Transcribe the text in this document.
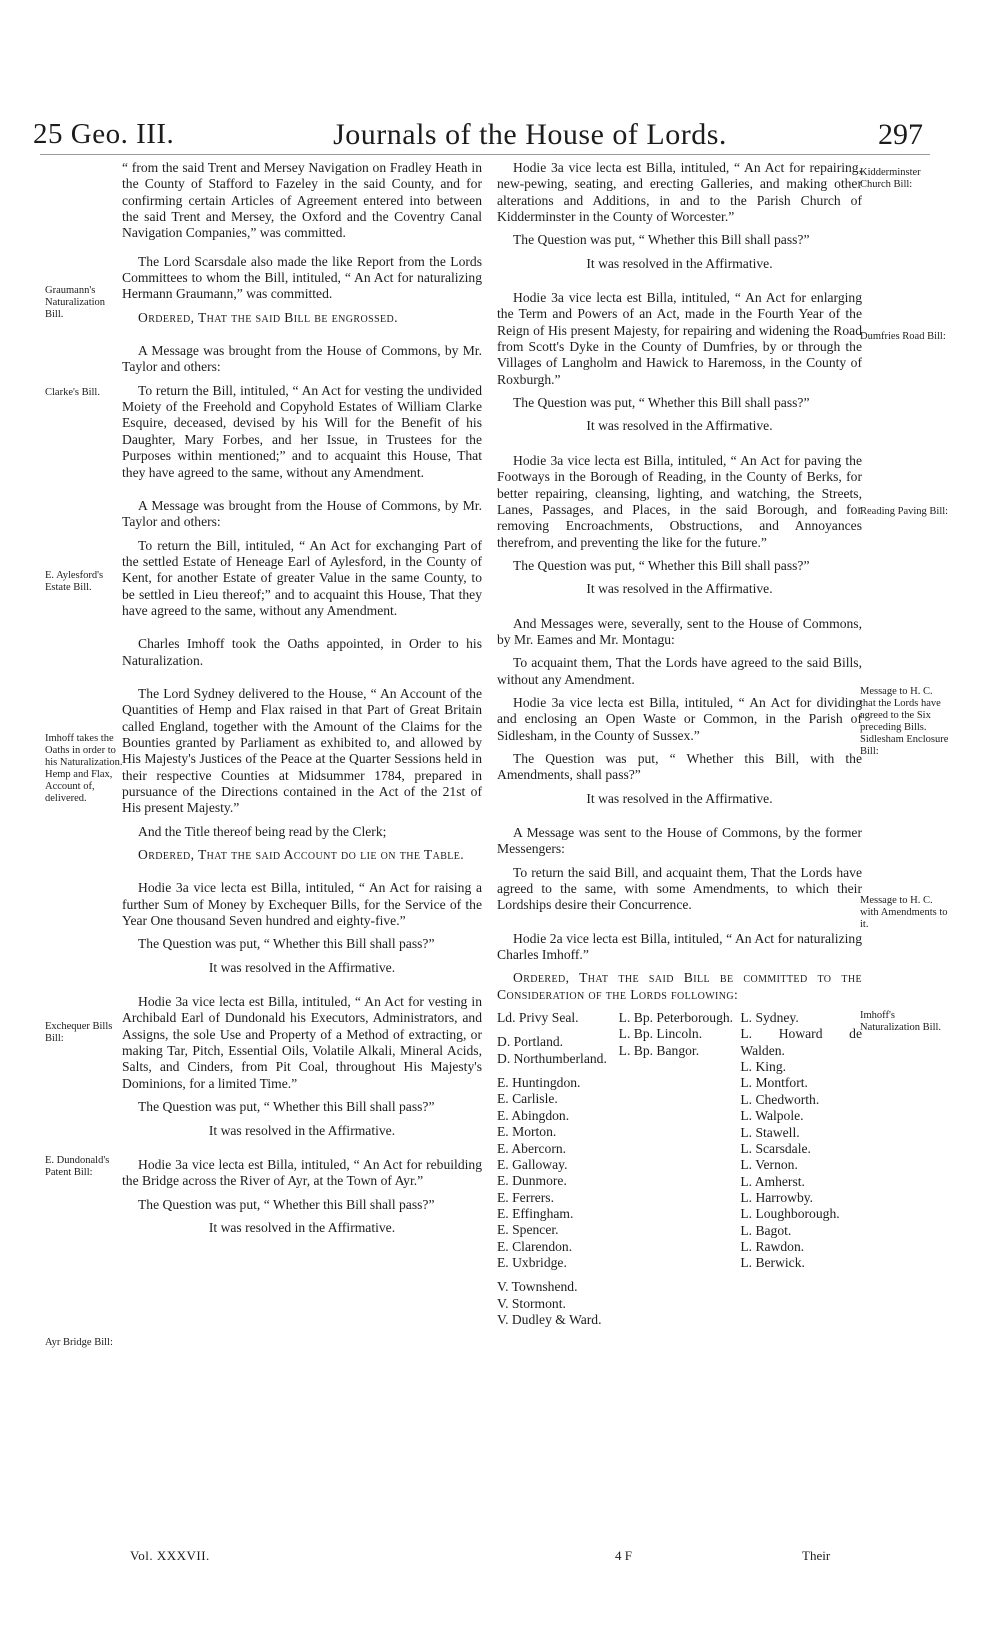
25 Geo. III.	Journals of the House of Lords.	297
Graumann's Naturalization Bill.
Clarke's Bill.
E. Aylesford's Estate Bill.
Imhoff takes the Oaths in order to his Naturalization. Hemp and Flax, Account of, delivered.
Exchequer Bills Bill:
E. Dundonald's Patent Bill:
Ayr Bridge Bill:
Kidderminster Church Bill:
Dumfries Road Bill:
Reading Paving Bill:
Message to H. C. that the Lords have agreed to the Six preceding Bills. Sidlesham Enclosure Bill:
Message to H. C. with Amendments to it.
Imhoff's Naturalization Bill.

“ from the said Trent and Mersey Navigation on Fradley Heath in the County of Stafford to Fazeley in the said County, and for confirming certain Articles of Agreement entered into between the said Trent and Mersey, the Oxford and the Coventry Canal Navigation Companies,” was committed.

The Lord Scarsdale also made the like Report from the Lords Committees to whom the Bill, intituled, “ An Act for naturalizing Hermann Graumann,” was committed.

Ordered, That the said Bill be engrossed.

A Message was brought from the House of Commons, by Mr. Taylor and others:

To return the Bill, intituled, “ An Act for vesting the undivided Moiety of the Freehold and Copyhold Estates of William Clarke Esquire, deceased, devised by his Will for the Benefit of his Daughter, Mary Forbes, and her Issue, in Trustees for the Purposes within mentioned;” and to acquaint this House, That they have agreed to the same, without any Amendment.

A Message was brought from the House of Commons, by Mr. Taylor and others:

To return the Bill, intituled, “ An Act for exchanging Part of the settled Estate of Heneage Earl of Aylesford, in the County of Kent, for another Estate of greater Value in the same County, to be settled in Lieu thereof;” and to acquaint this House, That they have agreed to the same, without any Amendment.

Charles Imhoff took the Oaths appointed, in Order to his Naturalization.

The Lord Sydney delivered to the House, “ An Account of the Quantities of Hemp and Flax raised in that Part of Great Britain called England, together with the Amount of the Claims for the Bounties granted by Parliament as exhibited to, and allowed by His Majesty's Justices of the Peace at the Quarter Sessions held in their respective Counties at Midsummer 1784, prepared in pursuance of the Directions contained in the Act of the 21st of His present Majesty.”

And the Title thereof being read by the Clerk;

Ordered, That the said Account do lie on the Table.

Hodie 3a vice lecta est Billa, intituled, “ An Act for raising a further Sum of Money by Exchequer Bills, for the Service of the Year One thousand Seven hundred and eighty-five.”

The Question was put, “ Whether this Bill shall pass?”

It was resolved in the Affirmative.

Hodie 3a vice lecta est Billa, intituled, “ An Act for vesting in Archibald Earl of Dundonald his Executors, Administrators, and Assigns, the sole Use and Property of a Method of extracting, or making Tar, Pitch, Essential Oils, Volatile Alkali, Mineral Acids, Salts, and Cinders, from Pit Coal, throughout His Majesty's Dominions, for a limited Time.”

The Question was put, “ Whether this Bill shall pass?”

It was resolved in the Affirmative.

Hodie 3a vice lecta est Billa, intituled, “ An Act for rebuilding the Bridge across the River of Ayr, at the Town of Ayr.”

The Question was put, “ Whether this Bill shall pass?”

It was resolved in the Affirmative.

Hodie 3a vice lecta est Billa, intituled, “ An Act for repairing, new-pewing, seating, and erecting Galleries, and making other alterations and Additions, in and to the Parish Church of Kidderminster in the County of Worcester.”

The Question was put, “ Whether this Bill shall pass?”

It was resolved in the Affirmative.

Hodie 3a vice lecta est Billa, intituled, “ An Act for enlarging the Term and Powers of an Act, made in the Fourth Year of the Reign of His present Majesty, for repairing and widening the Road from Scott's Dyke in the County of Dumfries, by or through the Villages of Langholm and Hawick to Haremoss, in the County of Roxburgh.”

The Question was put, “ Whether this Bill shall pass?”

It was resolved in the Affirmative.

Hodie 3a vice lecta est Billa, intituled, “ An Act for paving the Footways in the Borough of Reading, in the County of Berks, for better repairing, cleansing, lighting, and watching, the Streets, Lanes, Passages, and Places, in the said Borough, and for removing Encroachments, Obstructions, and Annoyances therefrom, and preventing the like for the future.”

The Question was put, “ Whether this Bill shall pass?”

It was resolved in the Affirmative.

And Messages were, severally, sent to the House of Commons, by Mr. Eames and Mr. Montagu:

To acquaint them, That the Lords have agreed to the said Bills, without any Amendment.

Hodie 3a vice lecta est Billa, intituled, “ An Act for dividing and enclosing an Open Waste or Common, in the Parish of Sidlesham, in the County of Sussex.”

The Question was put, “ Whether this Bill, with the Amendments, shall pass?”

It was resolved in the Affirmative.

A Message was sent to the House of Commons, by the former Messengers:

To return the said Bill, and acquaint them, That the Lords have agreed to the same, with some Amendments, to which their Lordships desire their Concurrence.

Hodie 2a vice lecta est Billa, intituled, “ An Act for naturalizing Charles Imhoff.”

Ordered, That the said Bill be committed to the Consideration of the Lords following:

Ld. Privy Seal.
D. Portland.
D. Northumberland.
E. Huntingdon.
E. Carlisle.
E. Abingdon.
E. Morton.
E. Abercorn.
E. Galloway.
E. Dunmore.
E. Ferrers.
E. Effingham.
E. Spencer.
E. Clarendon.
E. Uxbridge.
V. Townshend.
V. Stormont.
V. Dudley & Ward.
L. Bp. Peterborough.
L. Bp. Lincoln.
L. Bp. Bangor.
L. Sydney.
L. Howard de Walden.
L. King.
L. Montfort.
L. Chedworth.
L. Walpole.
L. Stawell.
L. Scarsdale.
L. Vernon.
L. Amherst.
L. Harrowby.
L. Loughborough.
L. Bagot.
L. Rawdon.
L. Berwick.
Vol. XXXVII.	4 F	Their
